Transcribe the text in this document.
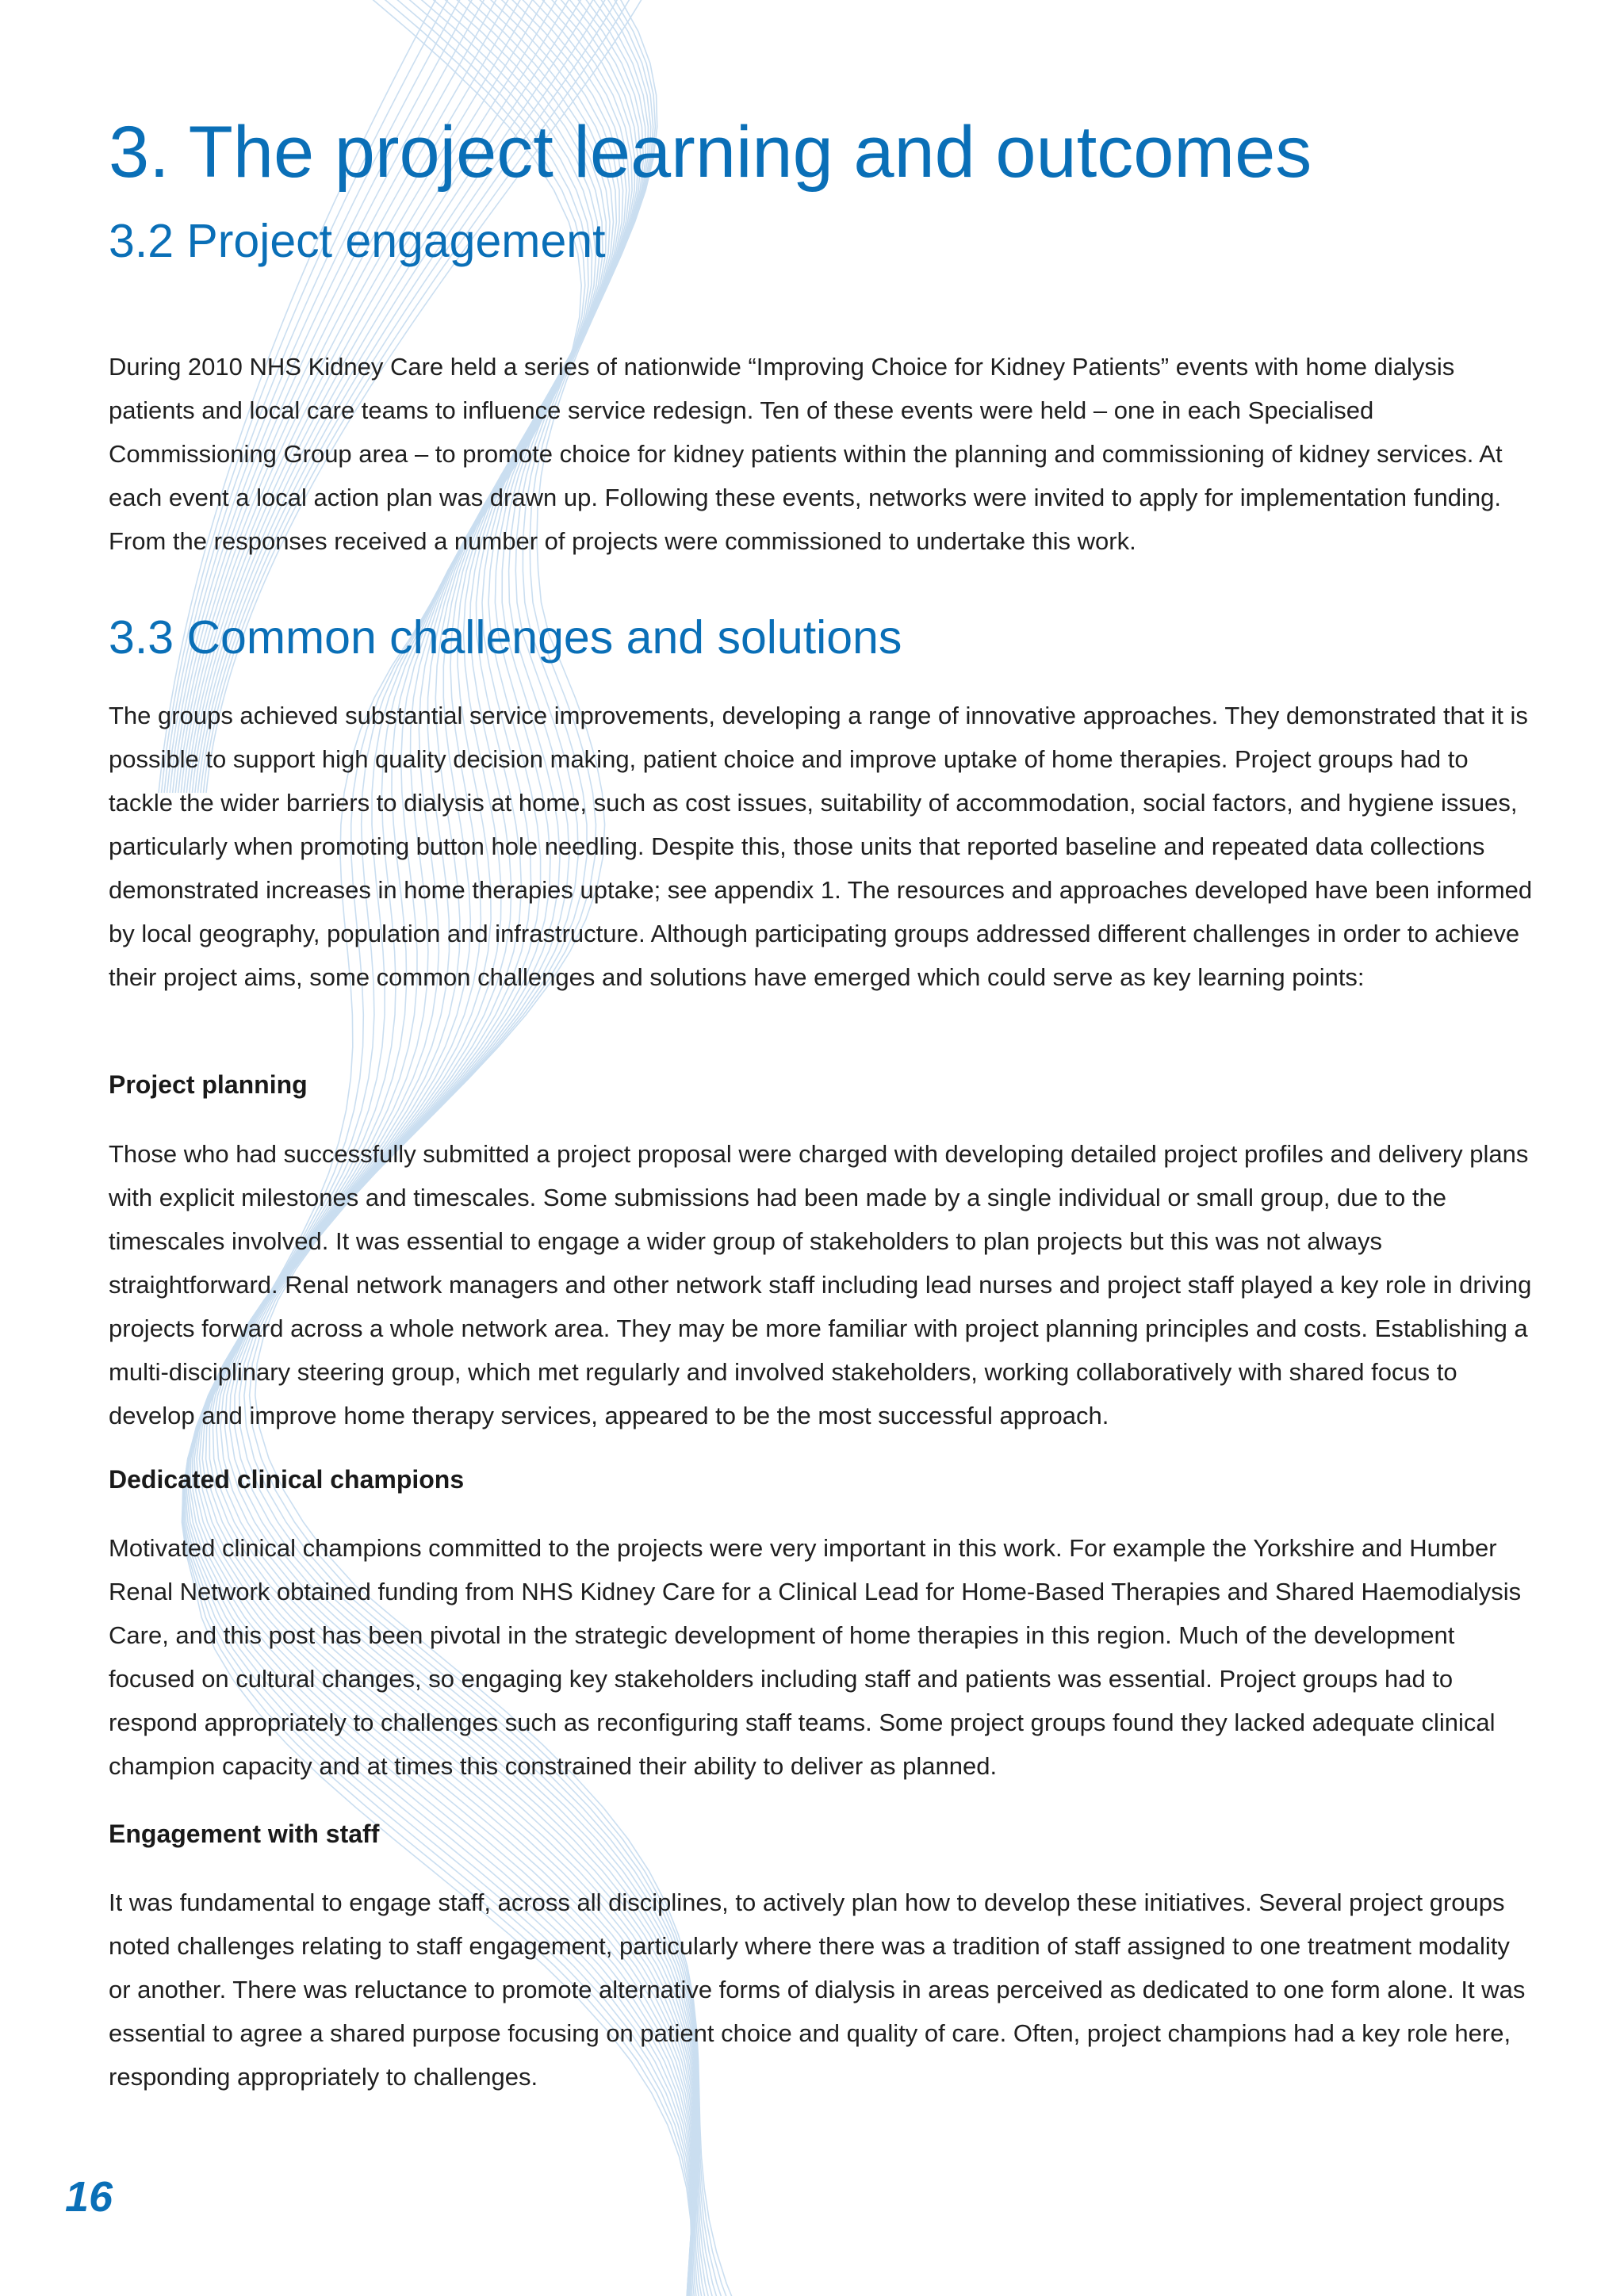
3. The project learning and outcomes
3.2 Project engagement

During 2010 NHS Kidney Care held a series of nationwide “Improving Choice for Kidney Patients” events with home dialysis patients and local care teams to influence service redesign. Ten of these events were held – one in each Specialised Commissioning Group area – to promote choice for kidney patients within the planning and commissioning of kidney services. At each event a local action plan was drawn up. Following these events, networks were invited to apply for implementation funding. From the responses received a number of projects were commissioned to undertake this work.

3.3 Common challenges and solutions

The groups achieved substantial service improvements, developing a range of innovative approaches. They demonstrated that it is possible to support high quality decision making, patient choice and improve uptake of home therapies. Project groups had to tackle the wider barriers to dialysis at home, such as cost issues, suitability of accommodation, social factors, and hygiene issues, particularly when promoting button hole needling. Despite this, those units that reported baseline and repeated data collections demonstrated increases in home therapies uptake; see appendix 1. The resources and approaches developed have been informed by local geography, population and infrastructure. Although participating groups addressed different challenges in order to achieve their project aims, some common challenges and solutions have emerged which could serve as key learning points:

Project planning

Those who had successfully submitted a project proposal were charged with developing detailed project profiles and delivery plans with explicit milestones and timescales. Some submissions had been made by a single individual or small group, due to the timescales involved. It was essential to engage a wider group of stakeholders to plan projects but this was not always straightforward. Renal network managers and other network staff including lead nurses and project staff played a key role in driving projects forward across a whole network area. They may be more familiar with project planning principles and costs. Establishing a multi-disciplinary steering group, which met regularly and involved stakeholders, working collaboratively with shared focus to develop and improve home therapy services, appeared to be the most successful approach.

Dedicated clinical champions

Motivated clinical champions committed to the projects were very important in this work. For example the Yorkshire and Humber Renal Network obtained funding from NHS Kidney Care for a Clinical Lead for Home-Based Therapies and Shared Haemodialysis Care, and this post has been pivotal in the strategic development of home therapies in this region. Much of the development focused on cultural changes, so engaging key stakeholders including staff and patients was essential. Project groups had to respond appropriately to challenges such as reconfiguring staff teams. Some project groups found they lacked adequate clinical champion capacity and at times this constrained their ability to deliver as planned.

Engagement with staff

It was fundamental to engage staff, across all disciplines, to actively plan how to develop these initiatives. Several project groups noted challenges relating to staff engagement, particularly where there was a tradition of staff assigned to one treatment modality or another. There was reluctance to promote alternative forms of dialysis in areas perceived as dedicated to one form alone. It was essential to agree a shared purpose focusing on patient choice and quality of care. Often, project champions had a key role here, responding appropriately to challenges.

16
